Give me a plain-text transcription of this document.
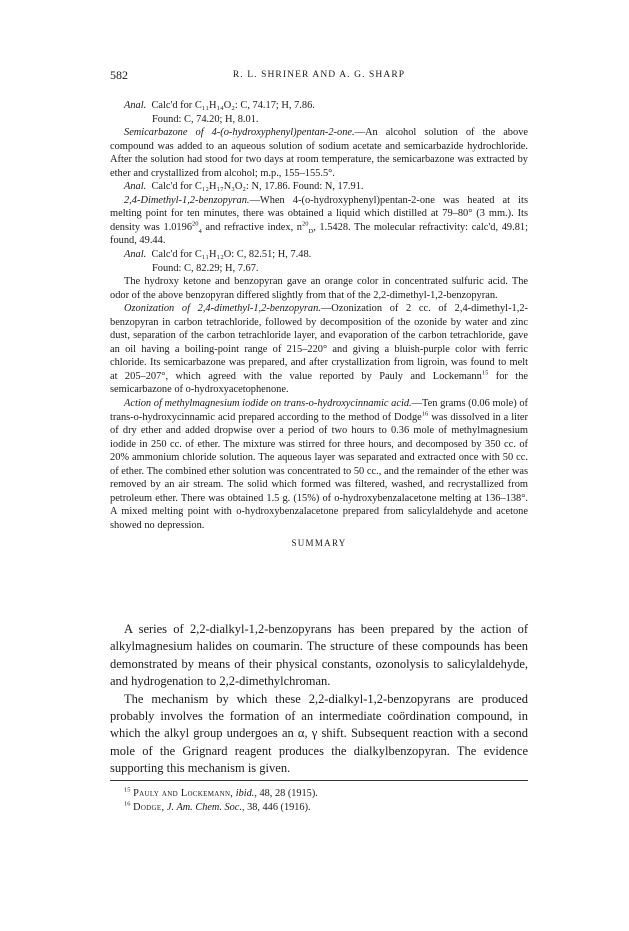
582	R. L. SHRINER AND A. G. SHARP
Anal. Calc'd for C₁₁H₁₄O₂: C, 74.17; H, 7.86.
Found: C, 74.20; H, 8.01.

Semicarbazone of 4-(o-hydroxyphenyl)pentan-2-one.—An alcohol solution of the above compound was added to an aqueous solution of sodium acetate and semicarbazide hydrochloride. After the solution had stood for two days at room temperature, the semicarbazone was extracted by ether and crystallized from alcohol; m.p., 155–155.5°.

Anal. Calc'd for C₁₂H₁₇N₃O₂: N, 17.86. Found: N, 17.91.

2,4-Dimethyl-1,2-benzopyran.—When 4-(o-hydroxyphenyl)pentan-2-one was heated at its melting point for ten minutes, there was obtained a liquid which distilled at 79–80° (3 mm.). Its density was $1.0196^{20}_4$ and refractive index, $n^{20}_D$, 1.5428. The molecular refractivity: calc'd, 49.81; found, 49.44.

Anal. Calc'd for C₁₁H₁₂O: C, 82.51; H, 7.48.
Found: C, 82.29; H, 7.67.

The hydroxy ketone and benzopyran gave an orange color in concentrated sulfuric acid. The odor of the above benzopyran differed slightly from that of the 2,2-dimethyl-1,2-benzopyran.

Ozonization of 2,4-dimethyl-1,2-benzopyran.—Ozonization of 2 cc. of 2,4-dimethyl-1,2-benzopyran in carbon tetrachloride, followed by decomposition of the ozonide by water and zinc dust, separation of the carbon tetrachloride layer, and evaporation of the carbon tetrachloride, gave an oil having a boiling-point range of 215–220° and giving a bluish-purple color with ferric chloride. Its semicarbazone was prepared, and after crystallization from ligroin, was found to melt at 205–207°, which agreed with the value reported by Pauly and Lockemann$^{15}$ for the semicarbazone of o-hydroxyacetophenone.

Action of methylmagnesium iodide on trans-o-hydroxycinnamic acid.—Ten grams (0.06 mole) of trans-o-hydroxycinnamic acid prepared according to the method of Dodge$^{16}$ was dissolved in a liter of dry ether and added dropwise over a period of two hours to 0.36 mole of methylmagnesium iodide in 250 cc. of ether. The mixture was stirred for three hours, and decomposed by 350 cc. of 20% ammonium chloride solution. The aqueous layer was separated and extracted once with 50 cc. of ether. The combined ether solution was concentrated to 50 cc., and the remainder of the ether was removed by an air stream. The solid which formed was filtered, washed, and recrystallized from petroleum ether. There was obtained 1.5 g. (15%) of o-hydroxybenzalacetone melting at 136–138°. A mixed melting point with o-hydroxybenzalacetone prepared from salicylaldehyde and acetone showed no depression.

SUMMARY

A series of 2,2-dialkyl-1,2-benzopyrans has been prepared by the action of alkylmagnesium halides on coumarin. The structure of these compounds has been demonstrated by means of their physical constants, ozonolysis to salicylaldehyde, and hydrogenation to 2,2-dimethylchroman.

The mechanism by which these 2,2-dialkyl-1,2-benzopyrans are produced probably involves the formation of an intermediate coördination compound, in which the alkyl group undergoes an α, γ shift. Subsequent reaction with a second mole of the Grignard reagent produces the dialkylbenzopyran. The evidence supporting this mechanism is given.

$^{15}$ Pauly and Lockemann, ibid., 48, 28 (1915).
$^{16}$ Dodge, J. Am. Chem. Soc., 38, 446 (1916).
